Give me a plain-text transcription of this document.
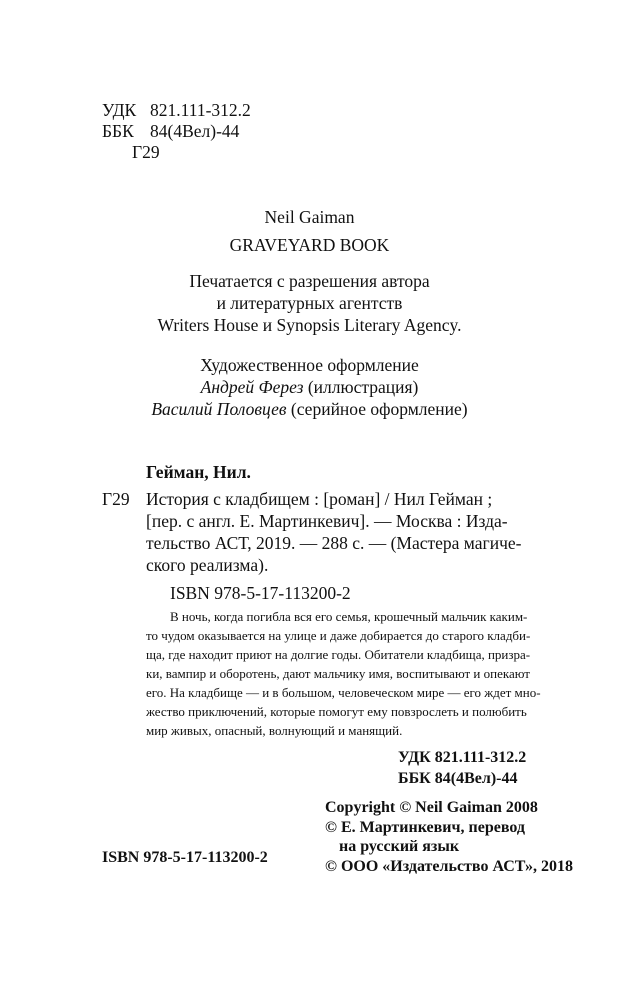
УДК 821.111-312.2
ББК 84(4Вел)-44
Г29
Neil Gaiman
GRAVEYARD BOOK
Печатается с разрешения автора
и литературных агентств
Writers House и Synopsis Literary Agency.
Художественное оформление
Андрей Ферез (иллюстрация)
Василий Половцев (серийное оформление)
Гейман, Нил.
Г29 История с кладбищем : [роман] / Нил Гейман ;
[пер. с англ. Е. Мартинкевич]. — Москва : Изда-
тельство АСТ, 2019. — 288 с. — (Мастера магиче-
ского реализма).
ISBN 978-5-17-113200-2
В ночь, когда погибла вся его семья, крошечный мальчик каким-
то чудом оказывается на улице и даже добирается до старого кладби-
ща, где находит приют на долгие годы. Обитатели кладбища, призра-
ки, вампир и оборотень, дают мальчику имя, воспитывают и опекают
его. На кладбище — и в большом, человеческом мире — его ждет мно-
жество приключений, которые помогут ему повзрослеть и полюбить
мир живых, опасный, волнующий и манящий.
УДК 821.111-312.2
ББК 84(4Вел)-44
ISBN 978-5-17-113200-2
Copyright © Neil Gaiman 2008
© Е. Мартинкевич, перевод
на русский язык
© ООО «Издательство АСТ», 2018
